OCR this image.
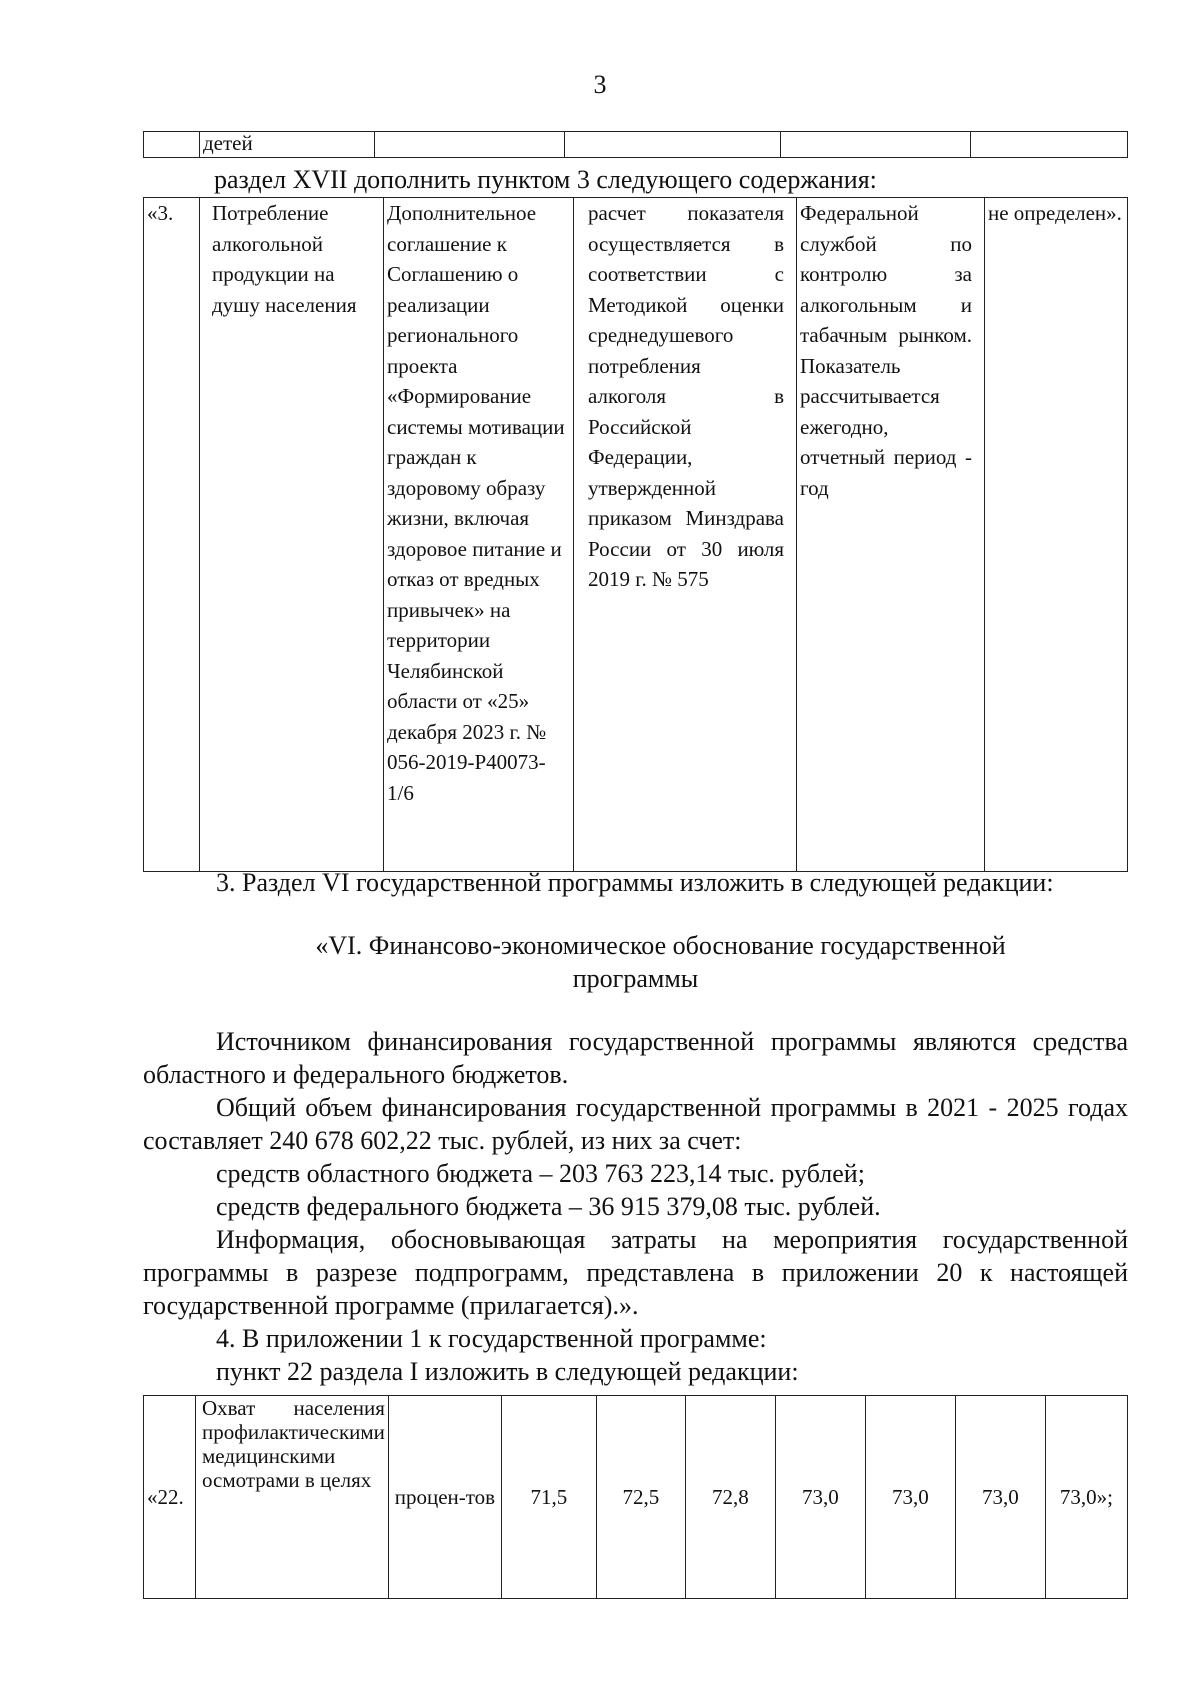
3
	детей				
раздел XVII дополнить пунктом 3 следующего содержания:
«3.	Потребление алкогольной продукции на душу населения	Дополнительное соглашение к Соглашению о реализации регионального проекта «Формирование системы мотивации граждан к здоровому образу жизни, включая здоровое питание и отказ от вредных привычек» на территории Челябинской области от «25» декабря 2023 г. № 056-2019-Р40073-1/6	расчет показателя осуществляется в соответствии с Методикой оценки среднедушевого потребления алкоголя в Российской Федерации, утвержденной приказом Минздрава России от 30 июля 2019 г. № 575	Федеральной службой по контролю за алкогольным и табачным рынком. Показатель рассчитывается ежегодно, отчетный период - год	не определен».
3. Раздел VI государственной программы изложить в следующей редакции:
«VI. Финансово-экономическое обоснование государственной
программы
Источником финансирования государственной программы являются средства областного и федерального бюджетов.
Общий объем финансирования государственной программы в 2021 - 2025 годах составляет 240 678 602,22 тыс. рублей, из них за счет:
средств областного бюджета – 203 763 223,14 тыс. рублей;
средств федерального бюджета – 36 915 379,08 тыс. рублей.
Информация, обосновывающая затраты на мероприятия государственной программы в разрезе подпрограмм, представлена в приложении 20 к настоящей государственной программе (прилагается).».
4. В приложении 1 к государственной программе:
пункт 22 раздела I изложить в следующей редакции:
«22.	Охват населения профилактическими медицинскими осмотрами в целях	процен-тов	71,5	72,5	72,8	73,0	73,0	73,0	73,0»;
